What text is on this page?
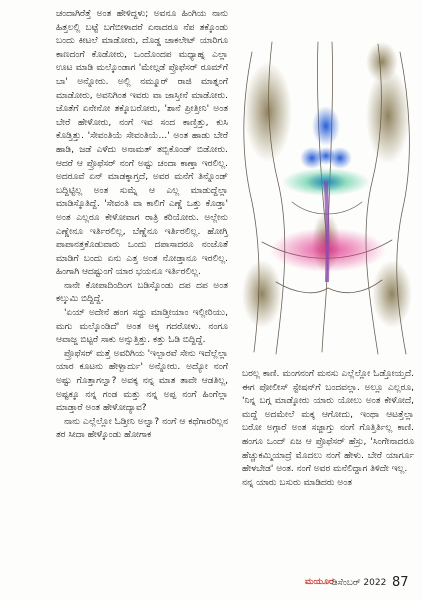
ಚಂದಾಗಿರೆತ್ತೆ ಅಂತ ಹೇಳಿದ್ದಳು; ಅವನೂ ಹಿಂಗಿಯ ನಾನು ಹಿತ್ತಲಲ್ಲಿ ಬಟ್ಟೆ ಬಗೆಬೀಳಾದರೆ ಏನಾದರೂ ನೆಪ ತಕ್ಕೊಂಡು ಬಂದು ಕೀಟಲೆ ಮಾಡೋರು, ದೊಡ್ಡ ಚಾಕಲೇಟ್ ಯಾರಿಗೂ ಕಾಣದಂಗೆ ಕೊಡೋರು, ಒಂದೊಂದಪ ಮಧ್ಯಾಹ್ನ ಎಲ್ಲಾ ಊಟ ಮಾಡಿ ಮಲ್ಕೊಂಡಾಗ 'ಮೇಲ್ಗಡೆ ಪ್ರೊಫೆಸರ್ ರೂಮ್‌ಗೆ ಬಾ' ಅನ್ನೋರು. ಅಲ್ಲಿ ನಮ್ಮೂರ್ ರಾಜಿ ಮಾತ್ನಂಗೆ ಮಾಡೋರು, ಅವನಿಗಿಂತ ಇವರು ವಾ ಜಾಸ್ತೀನೆ ಮಾಡೋರು. ಜೊತೆಗೆ ಏನೇನೋ ತಕ್ಕೊಬರೋರು, 'ಶಾನೆ ಪ್ರೀತ್ತೀನಿ' ಅಂತ ಬೇರೆ ಹೇಳೋರು, ನಂಗೆ ಇವ ಸಂದ ಕಾಣ್ತಿತ್ತು, ಕುಸಿ ಕೊಡ್ತಿತ್ತು. 'ಸೇವಂತಿಯೆ ಸೇವಂತಿಯೆ...' ಅಂತ ಹಾಡು ಬೇರೆ ಹಾಡಿ, ಜಡೆ ಎಳೆದು ಅನಾಮತ್ ತಬ್ಬಿಕೊಂಡ್ ಬಿಡೋರು. ಆದರೆ ಆ ಪ್ರೊಫೆಸರ್ ನಂಗೆ ಅಷ್ಟು ಚಂದಾ ಕಾಣ್ತಾ ಇರಲಿಲ್ಲ. ಅದರೂವೆ ಏನ್ ಮಾಡಕ್ಕಾಗ್ತದೆ, ಅವರ ಮನೆಗೆ ತಿನ್ನೊಂಡ್ ಬದ್ದಿಟ್ಟಿಲ್ಲ ಅಂತ ಸುಮ್ನೆ ಆ ಎಲ್ಲ ಮಾಡುದ್ದೆಲ್ಲಾ ಮಾಡಿಸ್ಕೊತಿದ್ದೆ. 'ಸೇವಂತಿ ವಾ ಕಾಲಿಗೆ ಎಣ್ಣೆ ಒತ್ತು ಕೊಡ್ತಾ' ಅಂತ ಎಲ್ಲರೂ ಕೇಳೋವಾಗ ರಾತ್ರಿ ಕರಿಯೋರು. ಅಲ್ಲೇನು ಎಣ್ಣೇನೂ ಇರ್ತಿರಲಿಲ್ಲ, ಬೆಣ್ಣೆನೂ ಇರ್ತಿರಲಿಲ್ಲ. ಹೋಗ್ತಿ ಪಾಪಾನತ್ತಕೊಡುವಾರು ಒಂದು ದಪಾಸಾದರೂ ನಂಜೊತೆ ಮಾಡಿಗೆ ಬಂದು ಏನು ಎತ್ತ ಅಂತ ನೋಡ್ತಾನೂ ಇರಲಿಲ್ಲ. ಹಿಂಗಾಗಿ ಆದಷ್ಟುಂಗೆ ಯಾರ ಭಯನೂ ಇರ್ತಿರಲಿಲ್ಲ.

ನಾನೇ ಕೋಪಾದಿಂದಿಂಗ ಬಡಿಸ್ಕೊಂಡು ದಪ ದಪ ಅಂತ ಕಲ್ಕುಮಿ ಬಿದ್ದಿದ್ದೆ.

'ಏಯ್ ಅದೇನೆ ಹಂಗ ಸದ್ದು ಮಾಡ್ತೀಯಾಂ ಇಲ್ಲೀರಿಯು, ಮಗು ಮಲ್ಕೊಂಡಿದೆ' ಅಂತ ಅಕ್ಕ ಗದರೋಳು. ನಂಗೂ ಆವಾಜ್ಜ ಬಿಟ್ಟರೆ ಸಾಕು ಅನ್ಸುತ್ತಿತ್ತು. ಕತ್ತು ಓಡಿ ಬಿದ್ದಿದ್ದೆ.

ಪ್ರೊಫೆಸರ್ ಮತ್ತೆ ಅವರಿಗಿಯ 'ಇಲ್ಬಾರವೆ ಸೇನು ಇದೆಲ್ಲೆಲ್ಲಾ ಯಾರ ಕೂಟನು ಹೇಳ್ಬಾರ್ದು' ಅನ್ನೋರು. ಅದ್ಯೋ ನಂಗೆ ಅಷ್ಟು ಗೊತ್ತಾಗಲ್ವಾ? ಅವಕ್ಕ ನನ್ನ ಮಾತ ತಾವೇ ಆಡತಿಲ್ಲ, ಅಷ್ಟಕ್ಕೂ ನನ್ನ ಗಂಡ ಮತ್ತು ನನ್ನ ಅಪ್ಪ ನಂಗೆ ಹಿಂಗೆಲ್ಲಾ ಮಾಡ್ತಾರೆ ಅಂತ ಹೇಳೋದ್ಯಾವ?

ನಾನು ಎಲ್ಲೆಲ್ಲೋ ಓಡ್ತೀನಿ ಅಲ್ವಾ? ನಂಗೆ ಆ ಕಥೆಗಾರರಿಲ್ಲನ ತರ ಸೀದಾ ಹೇಳ್ಕೊಂಡು ಹೋಗಾಕ

ಬರಲ್ಲ ಕಾಣಿ. ಮಂಗನಂಗೆ ಮನಸು ಎಲ್ಲೆಲ್ಲೋ ಓಡ್ತೋಯ್ತದೆ. ಈಗ ಪೋಲೀಸ್ ಸ್ಟೇಷನ್‌ಗೆ ಬಂದವಲ್ಲಾ. ಅಲ್ಲೂ ಎಲ್ಲರೂ, 'ನಿನ್ನ ಬಗ್ಗ ಮಾಡ್ಕೋರು ಯಾರು ಯೋಲು ಅಂತ ಕೇಳೋದೆ, ಮದ್ದೆ ಅದಮೇಲೆ ಮಕ್ಕ ಆಗೋದು, ಇಂಥಾ ಆಟತ್ತೆಲ್ಲಾ ಬರೋ ಅಗ್ಗಾರೆ ಅಂತ ಸಜ್ಜಾಗ್ತು ನಂಗೆ ಗೊತ್ತಿರ್ತಿಲ್ಲ ಕಾಣಿ. ಹಂಗೂ ಒಂದ್ ಏಜ ಆ ಪ್ರೊಫೆಸರ್ ಹೆಸ್ರು, 'ಸಿಂಗೇನಾದರೂ ಹೆಚ್ಚುಕಮ್ಮಿಯಾದ್ರೆ ಮೊದಲು ನಂಗೆ ಹೇಳು. ಬೇರೆ ಯಾರ್ಗೂ ಹೇಳಬೇಡ' ಅಂತ. ನಂಗೆ ಅವರ ಮನೆಲಿದ್ದಾಗ ತಿಳಿದೇ ಇಲ್ಲ.

ನನ್ನ ಯಾರು ಬಸುರು ಮಾಡಿದರು ಅಂತ

ಮಯೂರ
ಡಿಸೆಂಬರ್ 2022 87
